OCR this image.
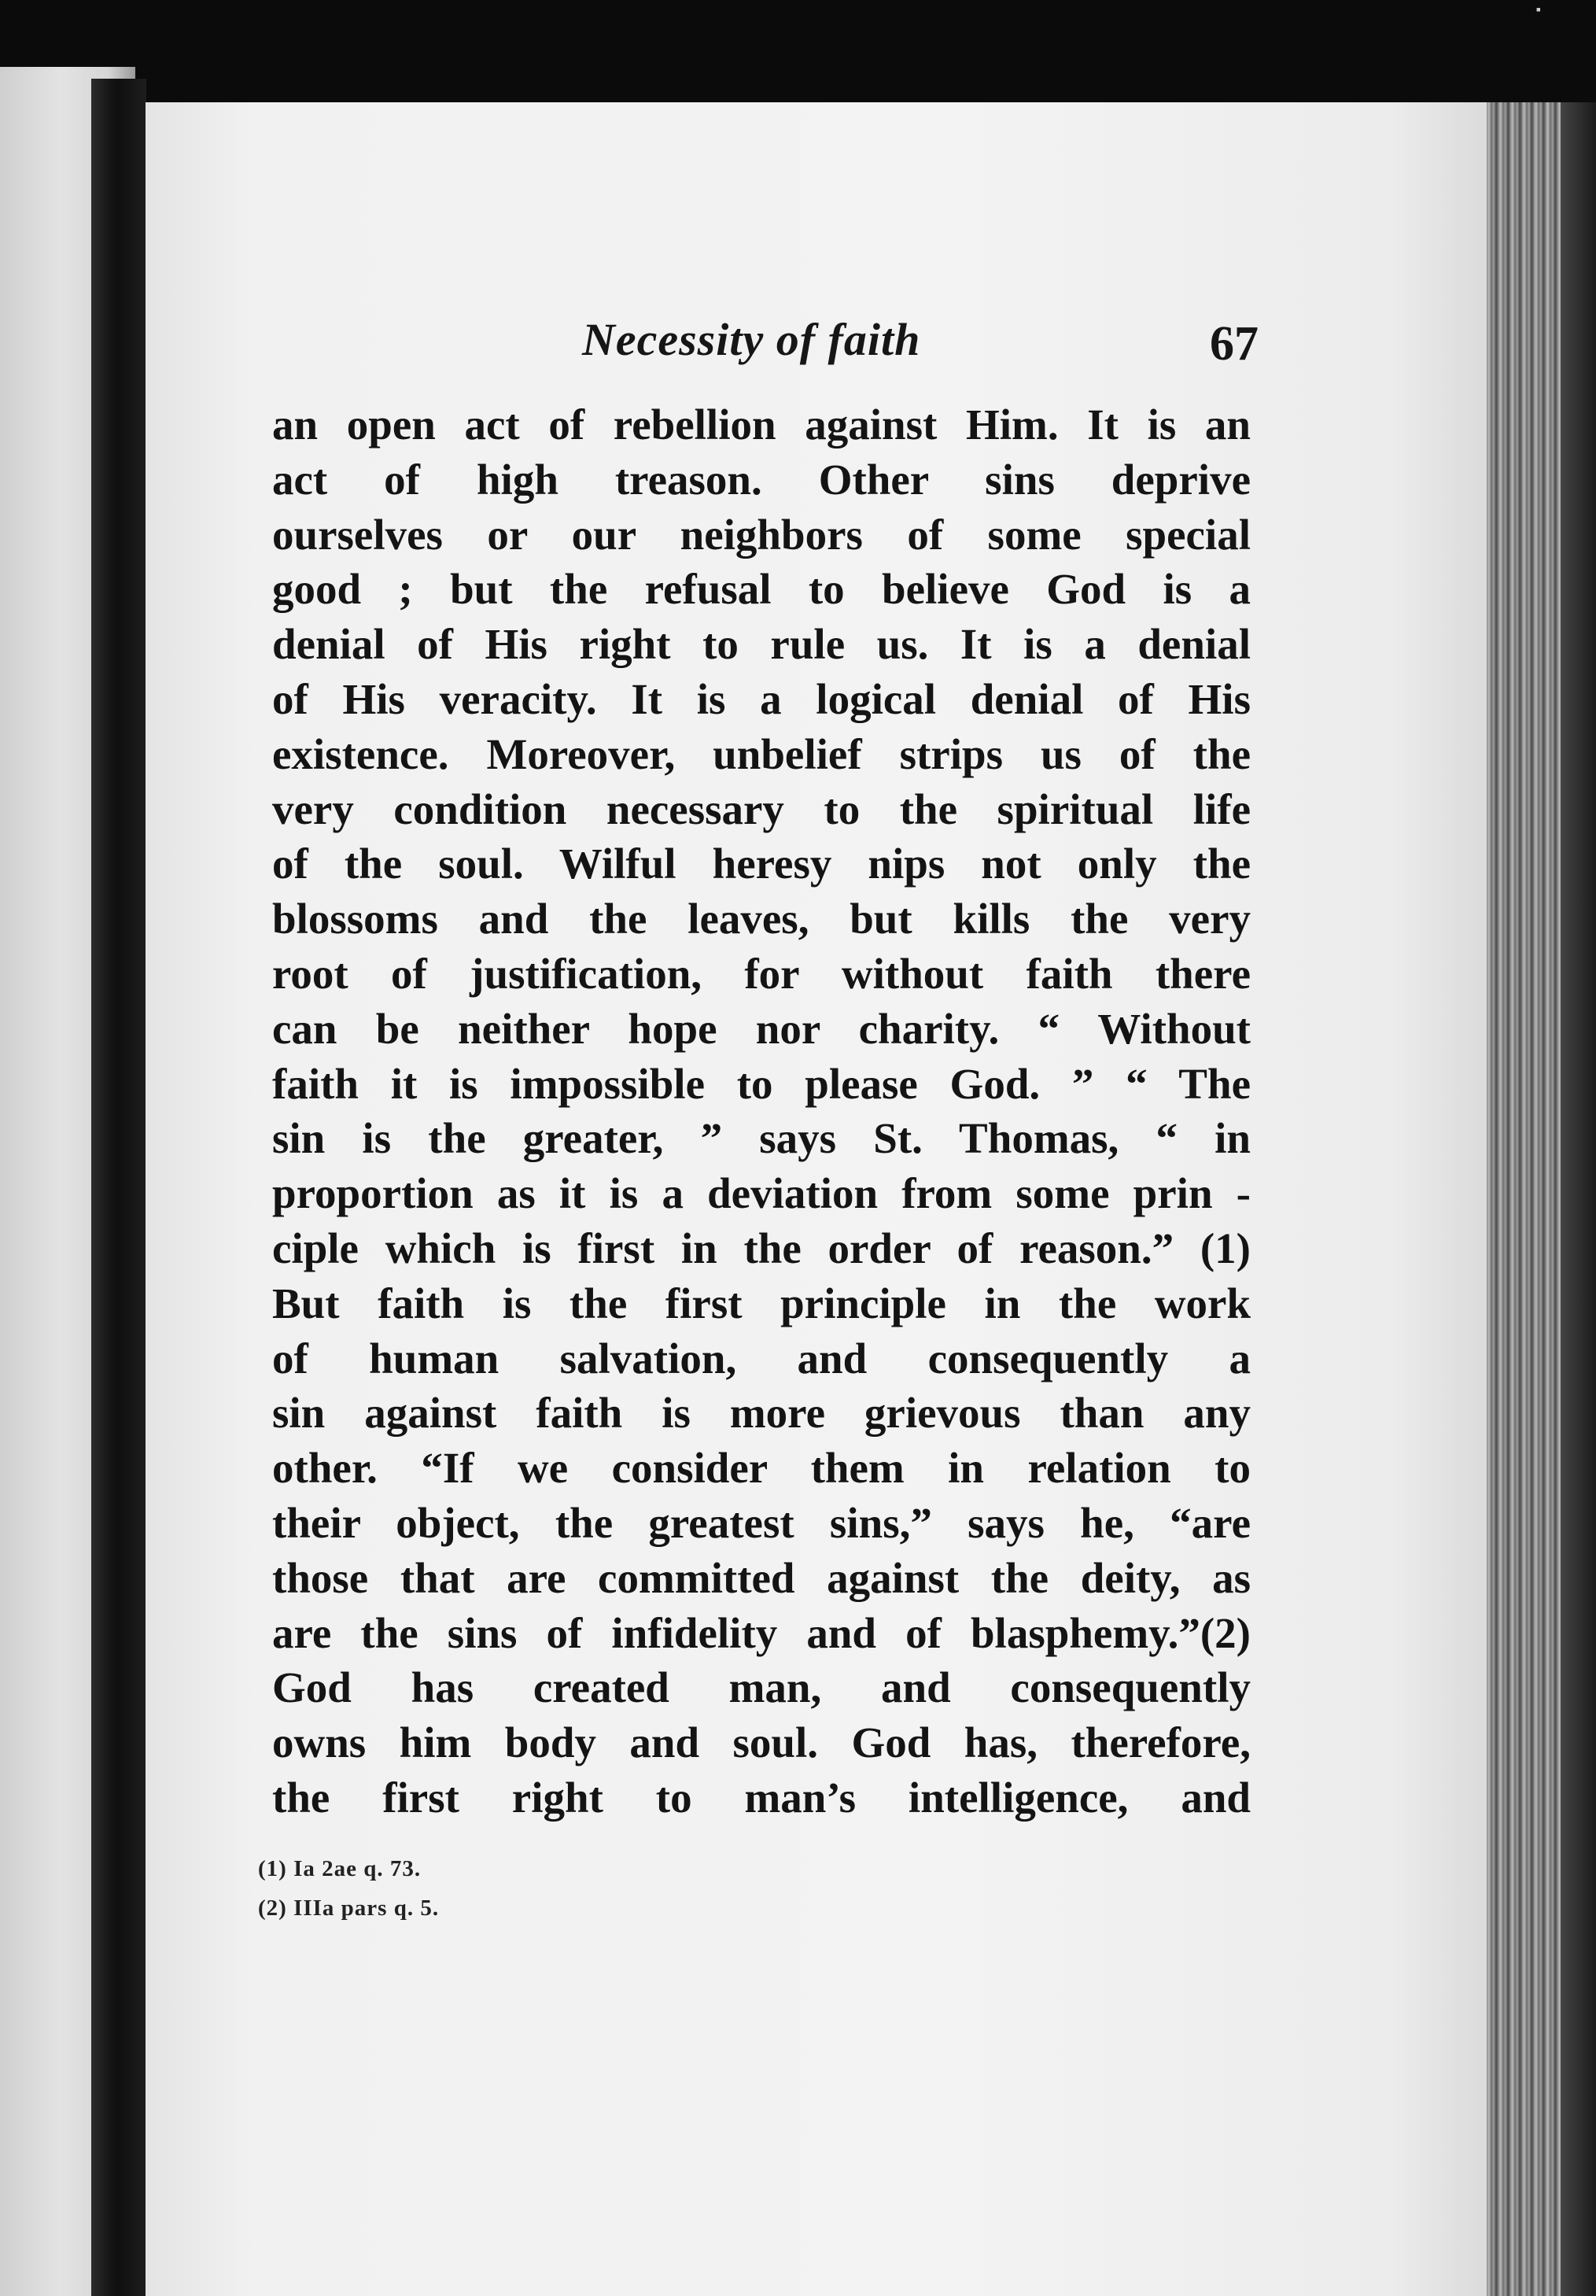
▪
Necessity of faith	67
an open act of rebellion against Him. It is an
act of high treason. Other sins deprive
ourselves or our neighbors of some special
good ; but the refusal to believe God is a
denial of His right to rule us. It is a denial
of His veracity. It is a logical denial of His
existence. Moreover, unbelief strips us of the
very condition necessary to the spiritual life
of the soul. Wilful heresy nips not only the
blossoms and the leaves, but kills the very
root of justification, for without faith there
can be neither hope nor charity. “ Without
faith it is impossible to please God. ” “ The
sin is the greater, ” says St. Thomas, “ in
proportion as it is a deviation from some prin -
ciple which is first in the order of reason.” (1)
But faith is the first principle in the work
of human salvation, and consequently a
sin against faith is more grievous than any
other. “If we consider them in relation to
their object, the greatest sins,” says he, “are
those that are committed against the deity, as
are the sins of infidelity and of blasphemy.”(2)
God has created man, and consequently
owns him body and soul. God has, therefore,
the first right to man’s intelligence, and
(1) Ia 2ae q. 73.
(2) IIIa pars q. 5.
